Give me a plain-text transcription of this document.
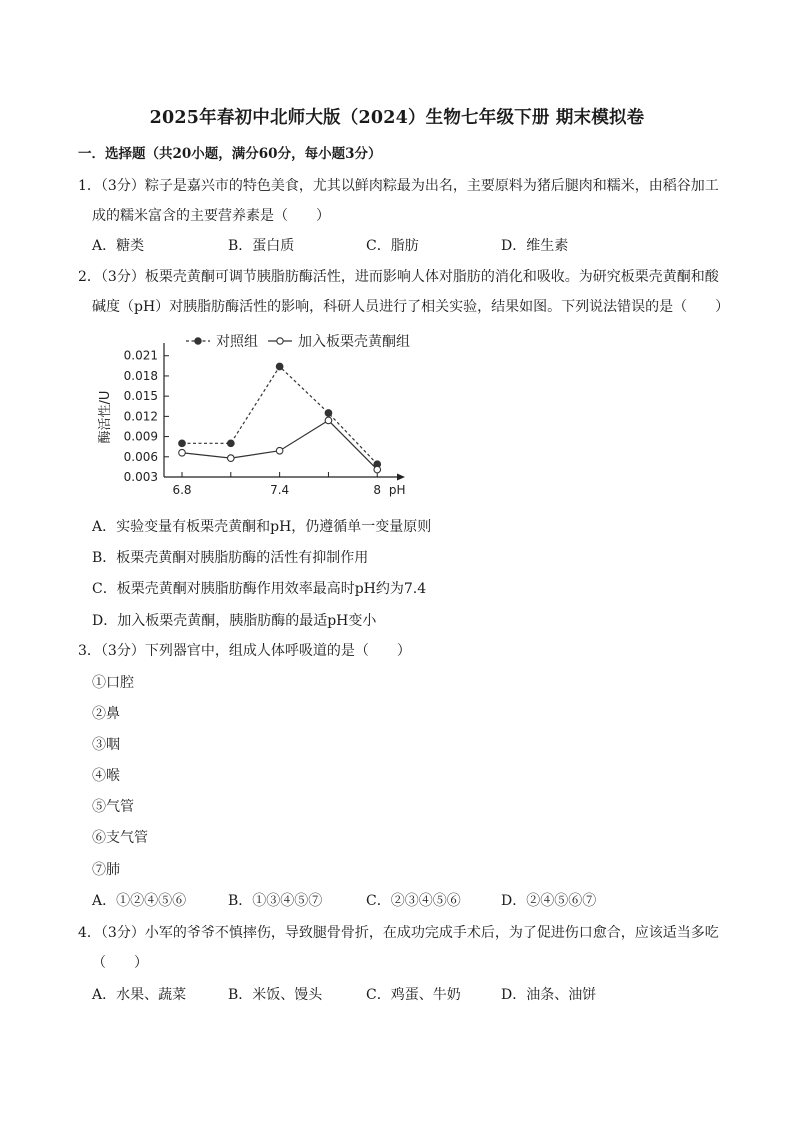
2025年春初中北师大版（2024）生物七年级下册 期末模拟卷
一．选择题（共20小题，满分60分，每小题3分）
1．（3分）粽子是嘉兴市的特色美食，尤其以鲜肉粽最为出名，主要原料为猪后腿肉和糯米，由稻谷加工
成的糯米富含的主要营养素是（　　）
A．糖类	B．蛋白质	C．脂肪	D．维生素
2．（3分）板栗壳黄酮可调节胰脂肪酶活性，进而影响人体对脂肪的消化和吸收。为研究板栗壳黄酮和酸
碱度（pH）对胰脂肪酶活性的影响，科研人员进行了相关实验，结果如图。下列说法错误的是（　　）
0.003
0.006
0.009
0.012
0.015
0.018
0.021
6.8	7.4	8 pH
酶活性/U
对照组	加入板栗壳黄酮组
A．实验变量有板栗壳黄酮和pH，仍遵循单一变量原则
B．板栗壳黄酮对胰脂肪酶的活性有抑制作用
C．板栗壳黄酮对胰脂肪酶作用效率最高时pH约为7.4
D．加入板栗壳黄酮，胰脂肪酶的最适pH变小
3．（3分）下列器官中，组成人体呼吸道的是（　　）
①口腔
②鼻
③咽
④喉
⑤气管
⑥支气管
⑦肺
A．①②④⑤⑥	B．①③④⑤⑦	C．②③④⑤⑥	D．②④⑤⑥⑦
4．（3分）小军的爷爷不慎摔伤，导致腿骨骨折，在成功完成手术后，为了促进伤口愈合，应该适当多吃
（　　）
A．水果、蔬菜	B．米饭、馒头	C．鸡蛋、牛奶	D．油条、油饼
